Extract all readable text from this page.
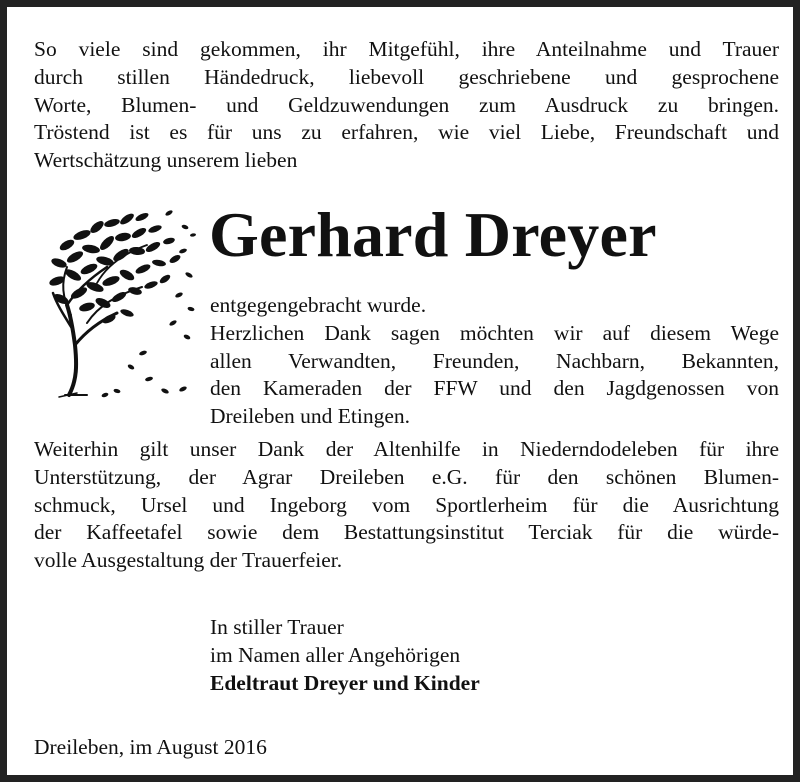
So viele sind gekommen, ihr Mitgefühl, ihre Anteilnahme und Trauer
durch stillen Händedruck, liebevoll geschriebene und gesprochene
Worte, Blumen- und Geldzuwendungen zum Ausdruck zu bringen.
Tröstend ist es für uns zu erfahren, wie viel Liebe, Freundschaft und
Wertschätzung unserem lieben
Gerhard Dreyer
entgegengebracht wurde.
Herzlichen Dank sagen möchten wir auf diesem Wege
allen Verwandten, Freunden, Nachbarn, Bekannten,
den Kameraden der FFW und den Jagdgenossen von
Dreileben und Etingen.
Weiterhin gilt unser Dank der Altenhilfe in Niederndodeleben für ihre
Unterstützung, der Agrar Dreileben e.G. für den schönen Blumen-
schmuck, Ursel und Ingeborg vom Sportlerheim für die Ausrichtung
der Kaffeetafel sowie dem Bestattungsinstitut Terciak für die würde-
volle Ausgestaltung der Trauerfeier.
In stiller Trauer
im Namen aller Angehörigen
Edeltraut Dreyer und Kinder
Dreileben, im August 2016
